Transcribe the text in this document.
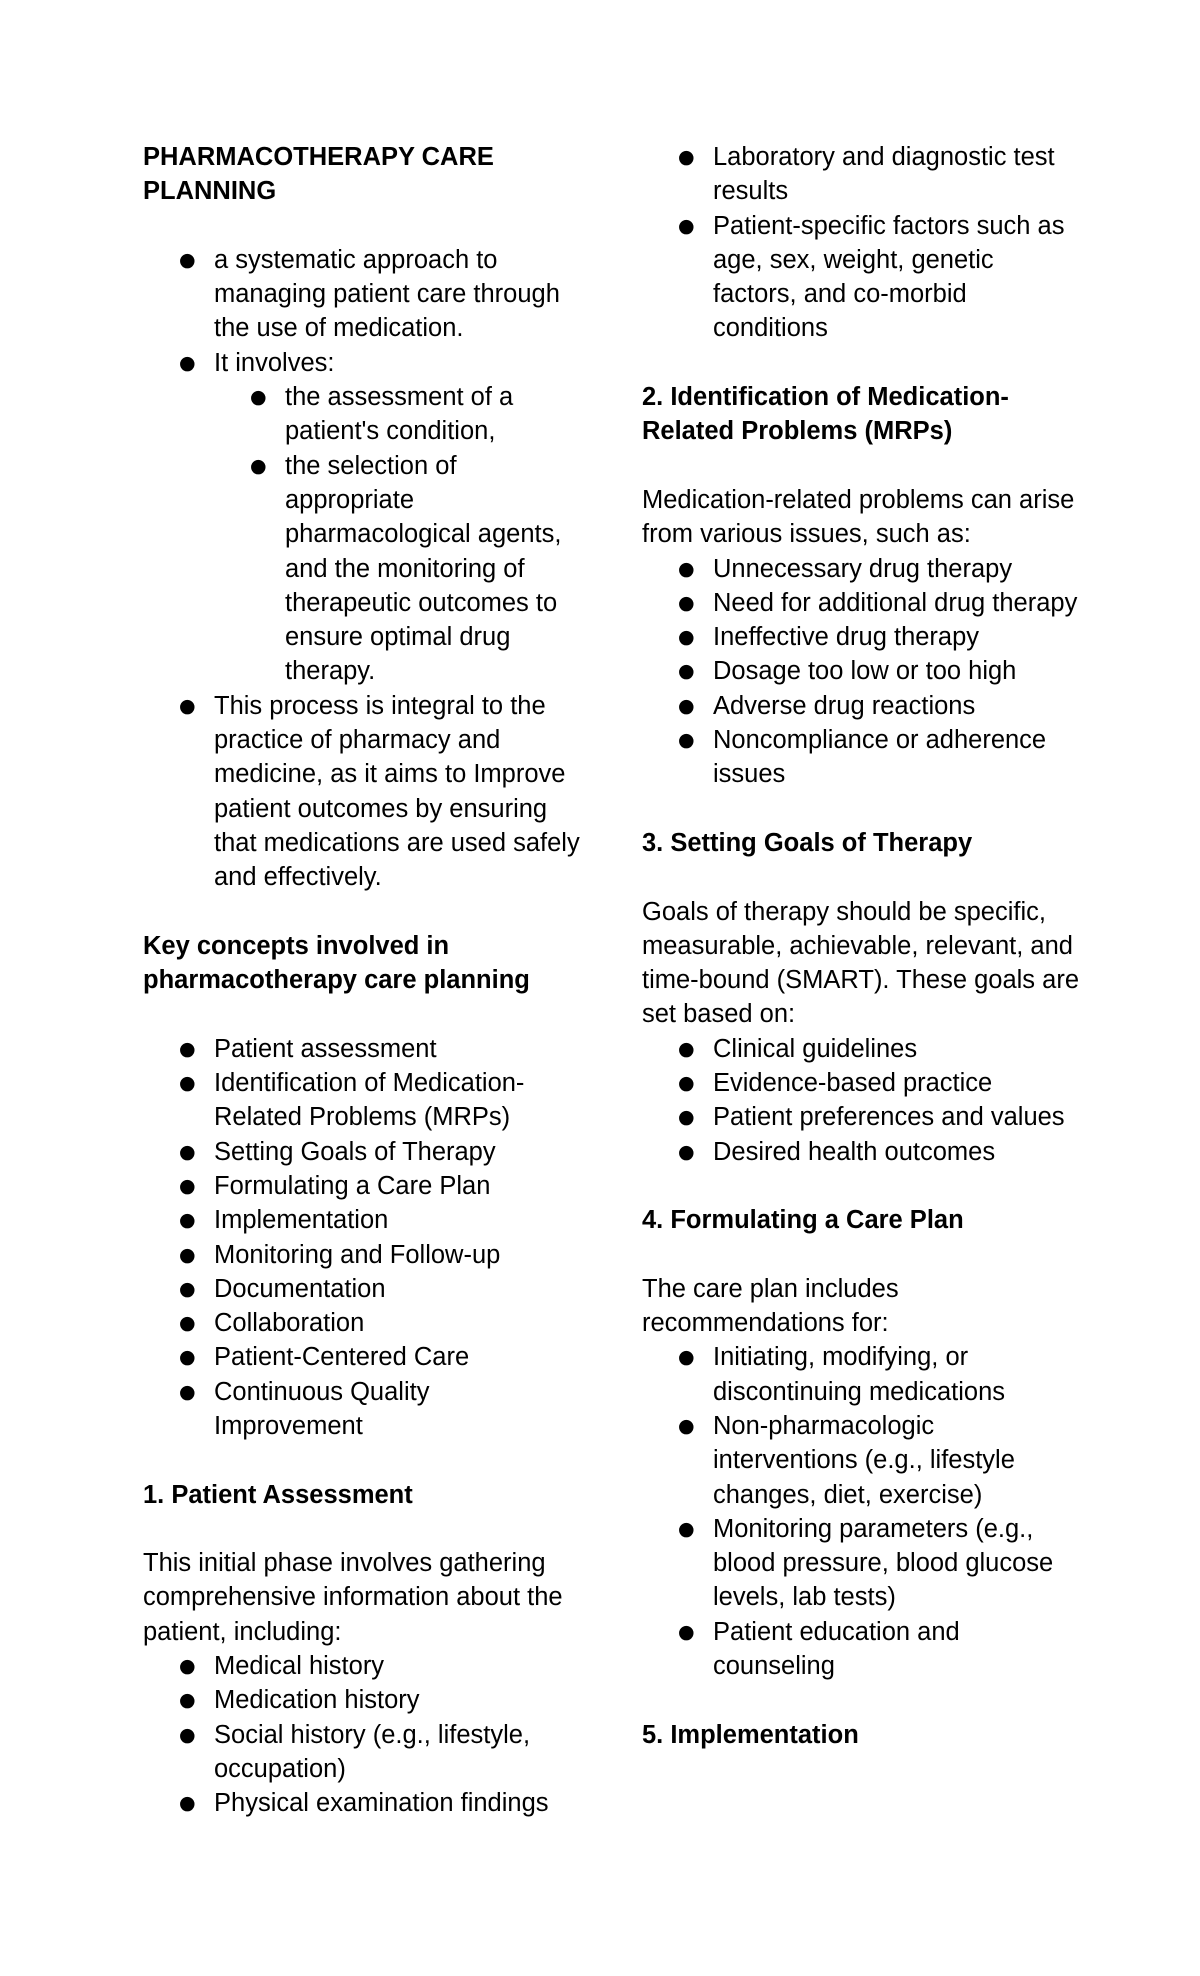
PHARMACOTHERAPY CARE PLANNING
● a systematic approach to managing patient care through the use of medication.
● It involves:
● the assessment of a patient's condition,
● the selection of appropriate pharmacological agents, and the monitoring of therapeutic outcomes to ensure optimal drug therapy.
● This process is integral to the practice of pharmacy and medicine, as it aims to Improve patient outcomes by ensuring that medications are used safely and effectively.
Key concepts involved in pharmacotherapy care planning
● Patient assessment
● Identification of Medication-Related Problems (MRPs)
● Setting Goals of Therapy
● Formulating a Care Plan
● Implementation
● Monitoring and Follow-up
● Documentation
● Collaboration
● Patient-Centered Care
● Continuous Quality Improvement
1. Patient Assessment

This initial phase involves gathering comprehensive information about the patient, including:

● Medical history
● Medication history
● Social history (e.g., lifestyle, occupation)
● Physical examination findings
● Laboratory and diagnostic test results
● Patient-specific factors such as age, sex, weight, genetic factors, and co-morbid conditions
2. Identification of Medication-Related Problems (MRPs)

Medication-related problems can arise from various issues, such as:

● Unnecessary drug therapy
● Need for additional drug therapy
● Ineffective drug therapy
● Dosage too low or too high
● Adverse drug reactions
● Noncompliance or adherence issues
3. Setting Goals of Therapy

Goals of therapy should be specific, measurable, achievable, relevant, and time-bound (SMART). These goals are set based on:

● Clinical guidelines
● Evidence-based practice
● Patient preferences and values
● Desired health outcomes
4. Formulating a Care Plan

The care plan includes recommendations for:

● Initiating, modifying, or discontinuing medications
● Non-pharmacologic interventions (e.g., lifestyle changes, diet, exercise)
● Monitoring parameters (e.g., blood pressure, blood glucose levels, lab tests)
● Patient education and counseling
5. Implementation
